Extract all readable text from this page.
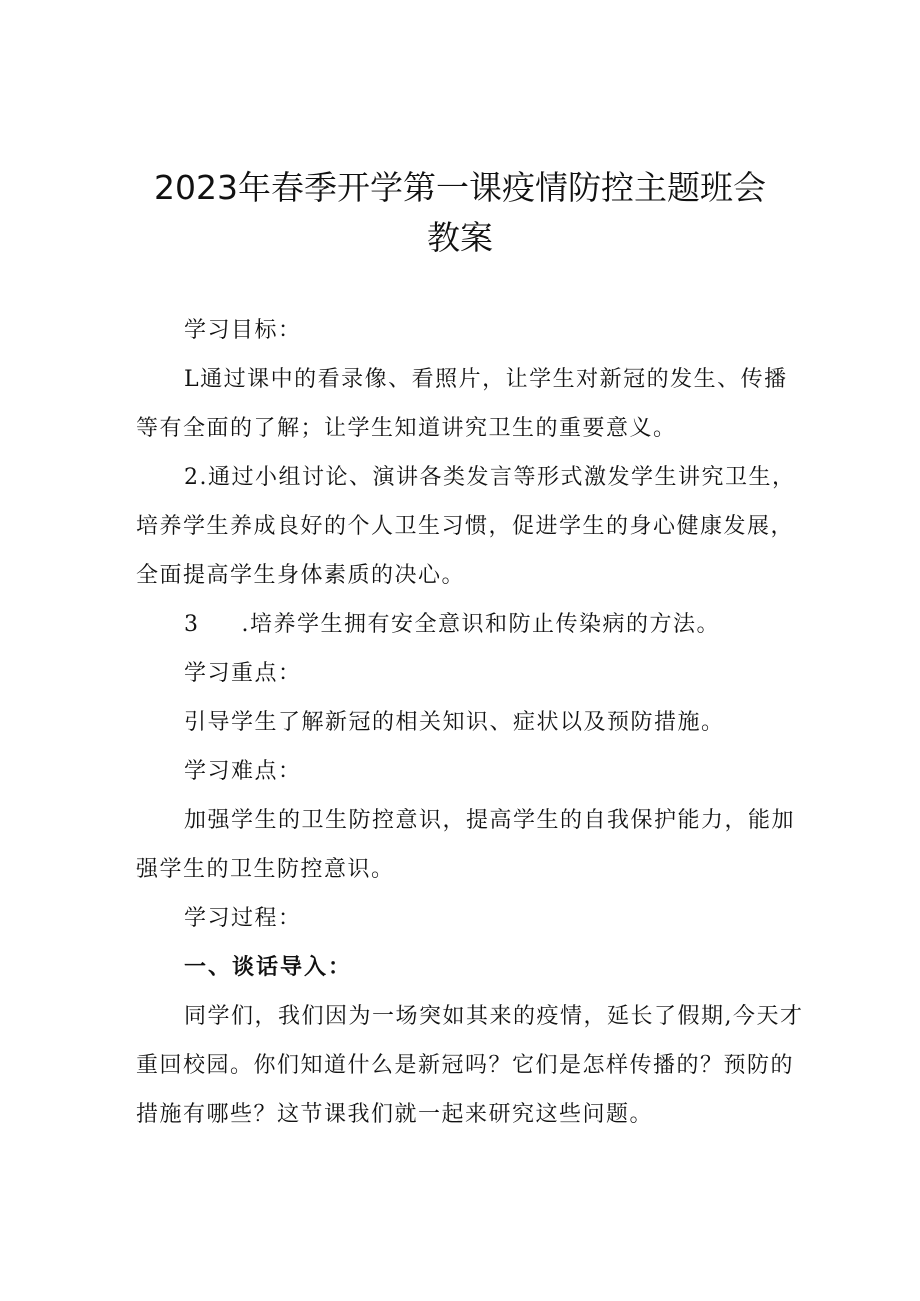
2023年春季开学第一课疫情防控主题班会
教案

学习目标：

L通过课中的看录像、看照片，让学生对新冠的发生、传播

等有全面的了解；让学生知道讲究卫生的重要意义。

2.通过小组讨论、演讲各类发言等形式激发学生讲究卫生，

培养学生养成良好的个人卫生习惯，促进学生的身心健康发展，

全面提高学生身体素质的决心。

3 .培养学生拥有安全意识和防止传染病的方法。

学习重点：

引导学生了解新冠的相关知识、症状以及预防措施。

学习难点：

加强学生的卫生防控意识，提高学生的自我保护能力，能加

强学生的卫生防控意识。

学习过程：

一、谈话导入：

同学们，我们因为一场突如其来的疫情，延长了假期,今天才

重回校园。你们知道什么是新冠吗？它们是怎样传播的？预防的

措施有哪些？这节课我们就一起来研究这些问题。
